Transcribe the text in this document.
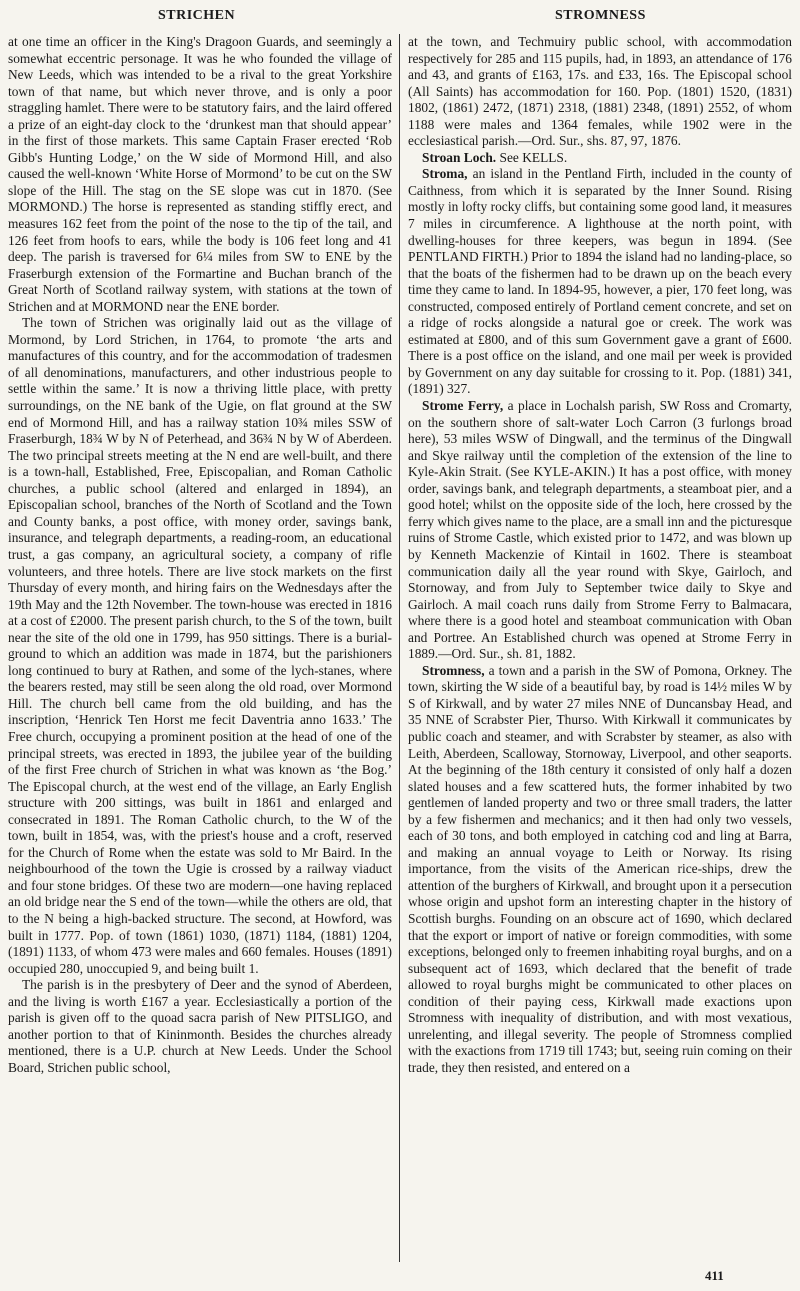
STRICHEN	STROMNESS

at one time an officer in the King's Dragoon Guards, and seemingly a somewhat eccentric personage. It was he who founded the village of New Leeds, which was intended to be a rival to the great Yorkshire town of that name, but which never throve, and is only a poor straggling hamlet. There were to be statutory fairs, and the laird offered a prize of an eight-day clock to the ‘drunkest man that should appear’ in the first of those markets. This same Captain Fraser erected ‘Rob Gibb's Hunting Lodge,’ on the W side of Mormond Hill, and also caused the well-known ‘White Horse of Mormond’ to be cut on the SW slope of the Hill. The stag on the SE slope was cut in 1870. (See MORMOND.) The horse is represented as standing stiffly erect, and measures 162 feet from the point of the nose to the tip of the tail, and 126 feet from hoofs to ears, while the body is 106 feet long and 41 deep. The parish is traversed for 6¼ miles from SW to ENE by the Fraserburgh extension of the Formartine and Buchan branch of the Great North of Scotland railway system, with stations at the town of Strichen and at MORMOND near the ENE border.

The town of Strichen was originally laid out as the village of Mormond, by Lord Strichen, in 1764, to promote ‘the arts and manufactures of this country, and for the accommodation of tradesmen of all denominations, manufacturers, and other industrious people to settle within the same.’ It is now a thriving little place, with pretty surroundings, on the NE bank of the Ugie, on flat ground at the SW end of Mormond Hill, and has a railway station 10¾ miles SSW of Fraserburgh, 18¾ W by N of Peterhead, and 36¾ N by W of Aberdeen. The two principal streets meeting at the N end are well-built, and there is a town-hall, Established, Free, Episcopalian, and Roman Catholic churches, a public school (altered and enlarged in 1894), an Episcopalian school, branches of the North of Scotland and the Town and County banks, a post office, with money order, savings bank, insurance, and telegraph departments, a reading-room, an educational trust, a gas company, an agricultural society, a company of rifle volunteers, and three hotels. There are live stock markets on the first Thursday of every month, and hiring fairs on the Wednesdays after the 19th May and the 12th November. The town-house was erected in 1816 at a cost of £2000. The present parish church, to the S of the town, built near the site of the old one in 1799, has 950 sittings. There is a burial-ground to which an addition was made in 1874, but the parishioners long continued to bury at Rathen, and some of the lych-stanes, where the bearers rested, may still be seen along the old road, over Mormond Hill. The church bell came from the old building, and has the inscription, ‘Henrick Ten Horst me fecit Daventria anno 1633.’ The Free church, occupying a prominent position at the head of one of the principal streets, was erected in 1893, the jubilee year of the building of the first Free church of Strichen in what was known as ‘the Bog.’ The Episcopal church, at the west end of the village, an Early English structure with 200 sittings, was built in 1861 and enlarged and consecrated in 1891. The Roman Catholic church, to the W of the town, built in 1854, was, with the priest's house and a croft, reserved for the Church of Rome when the estate was sold to Mr Baird. In the neighbourhood of the town the Ugie is crossed by a railway viaduct and four stone bridges. Of these two are modern—one having replaced an old bridge near the S end of the town—while the others are old, that to the N being a high-backed structure. The second, at Howford, was built in 1777. Pop. of town (1861) 1030, (1871) 1184, (1881) 1204, (1891) 1133, of whom 473 were males and 660 females. Houses (1891) occupied 280, unoccupied 9, and being built 1.

The parish is in the presbytery of Deer and the synod of Aberdeen, and the living is worth £167 a year. Ecclesiastically a portion of the parish is given off to the quoad sacra parish of New PITSLIGO, and another portion to that of Kininmonth. Besides the churches already mentioned, there is a U.P. church at New Leeds. Under the School Board, Strichen public school,

at the town, and Techmuiry public school, with accommodation respectively for 285 and 115 pupils, had, in 1893, an attendance of 176 and 43, and grants of £163, 17s. and £33, 16s. The Episcopal school (All Saints) has accommodation for 160. Pop. (1801) 1520, (1831) 1802, (1861) 2472, (1871) 2318, (1881) 2348, (1891) 2552, of whom 1188 were males and 1364 females, while 1902 were in the ecclesiastical parish.—Ord. Sur., shs. 87, 97, 1876.

Stroan Loch. See KELLS.

Stroma, an island in the Pentland Firth, included in the county of Caithness, from which it is separated by the Inner Sound. Rising mostly in lofty rocky cliffs, but containing some good land, it measures 7 miles in circumference. A lighthouse at the north point, with dwelling-houses for three keepers, was begun in 1894. (See PENTLAND FIRTH.) Prior to 1894 the island had no landing-place, so that the boats of the fishermen had to be drawn up on the beach every time they came to land. In 1894-95, however, a pier, 170 feet long, was constructed, composed entirely of Portland cement concrete, and set on a ridge of rocks alongside a natural goe or creek. The work was estimated at £800, and of this sum Government gave a grant of £600. There is a post office on the island, and one mail per week is provided by Government on any day suitable for crossing to it. Pop. (1881) 341, (1891) 327.

Strome Ferry, a place in Lochalsh parish, SW Ross and Cromarty, on the southern shore of salt-water Loch Carron (3 furlongs broad here), 53 miles WSW of Dingwall, and the terminus of the Dingwall and Skye railway until the completion of the extension of the line to Kyle-Akin Strait. (See KYLE-AKIN.) It has a post office, with money order, savings bank, and telegraph departments, a steamboat pier, and a good hotel; whilst on the opposite side of the loch, here crossed by the ferry which gives name to the place, are a small inn and the picturesque ruins of Strome Castle, which existed prior to 1472, and was blown up by Kenneth Mackenzie of Kintail in 1602. There is steamboat communication daily all the year round with Skye, Gairloch, and Stornoway, and from July to September twice daily to Skye and Gairloch. A mail coach runs daily from Strome Ferry to Balmacara, where there is a good hotel and steamboat communication with Oban and Portree. An Established church was opened at Strome Ferry in 1889.—Ord. Sur., sh. 81, 1882.

Stromness, a town and a parish in the SW of Pomona, Orkney. The town, skirting the W side of a beautiful bay, by road is 14½ miles W by S of Kirkwall, and by water 27 miles NNE of Duncansbay Head, and 35 NNE of Scrabster Pier, Thurso. With Kirkwall it communicates by public coach and steamer, and with Scrabster by steamer, as also with Leith, Aberdeen, Scalloway, Stornoway, Liverpool, and other seaports. At the beginning of the 18th century it consisted of only half a dozen slated houses and a few scattered huts, the former inhabited by two gentlemen of landed property and two or three small traders, the latter by a few fishermen and mechanics; and it then had only two vessels, each of 30 tons, and both employed in catching cod and ling at Barra, and making an annual voyage to Leith or Norway. Its rising importance, from the visits of the American rice-ships, drew the attention of the burghers of Kirkwall, and brought upon it a persecution whose origin and upshot form an interesting chapter in the history of Scottish burghs. Founding on an obscure act of 1690, which declared that the export or import of native or foreign commodities, with some exceptions, belonged only to freemen inhabiting royal burghs, and on a subsequent act of 1693, which declared that the benefit of trade allowed to royal burghs might be communicated to other places on condition of their paying cess, Kirkwall made exactions upon Stromness with inequality of distribution, and with most vexatious, unrelenting, and illegal severity. The people of Stromness complied with the exactions from 1719 till 1743; but, seeing ruin coming on their trade, they then resisted, and entered on a

411
